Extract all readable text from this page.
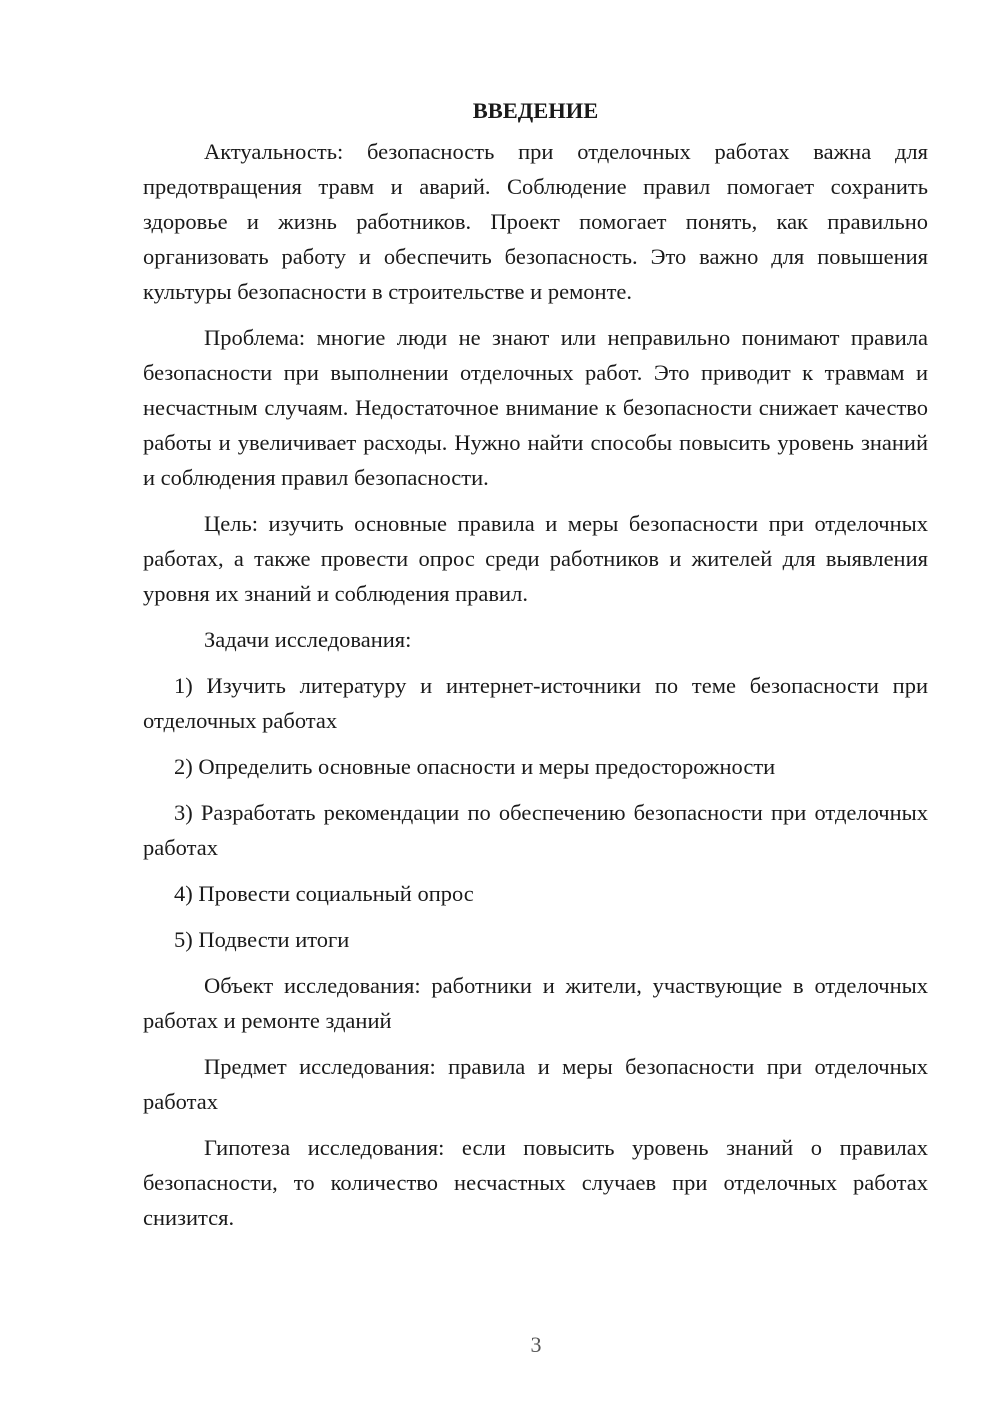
ВВЕДЕНИЕ

Актуальность: безопасность при отделочных работах важна для предотвращения травм и аварий. Соблюдение правил помогает сохранить здоровье и жизнь работников. Проект помогает понять, как правильно организовать работу и обеспечить безопасность. Это важно для повышения культуры безопасности в строительстве и ремонте.

Проблема: многие люди не знают или неправильно понимают правила безопасности при выполнении отделочных работ. Это приводит к травмам и несчастным случаям. Недостаточное внимание к безопасности снижает качество работы и увеличивает расходы. Нужно найти способы повысить уровень знаний и соблюдения правил безопасности.

Цель: изучить основные правила и меры безопасности при отделочных работах, а также провести опрос среди работников и жителей для выявления уровня их знаний и соблюдения правил.

Задачи исследования:

1) Изучить литературу и интернет-источники по теме безопасности при отделочных работах

2) Определить основные опасности и меры предосторожности

3) Разработать рекомендации по обеспечению безопасности при отделочных работах

4) Провести социальный опрос

5) Подвести итоги

Объект исследования: работники и жители, участвующие в отделочных работах и ремонте зданий

Предмет исследования: правила и меры безопасности при отделочных работах

Гипотеза исследования: если повысить уровень знаний о правилах безопасности, то количество несчастных случаев при отделочных работах снизится.

3
